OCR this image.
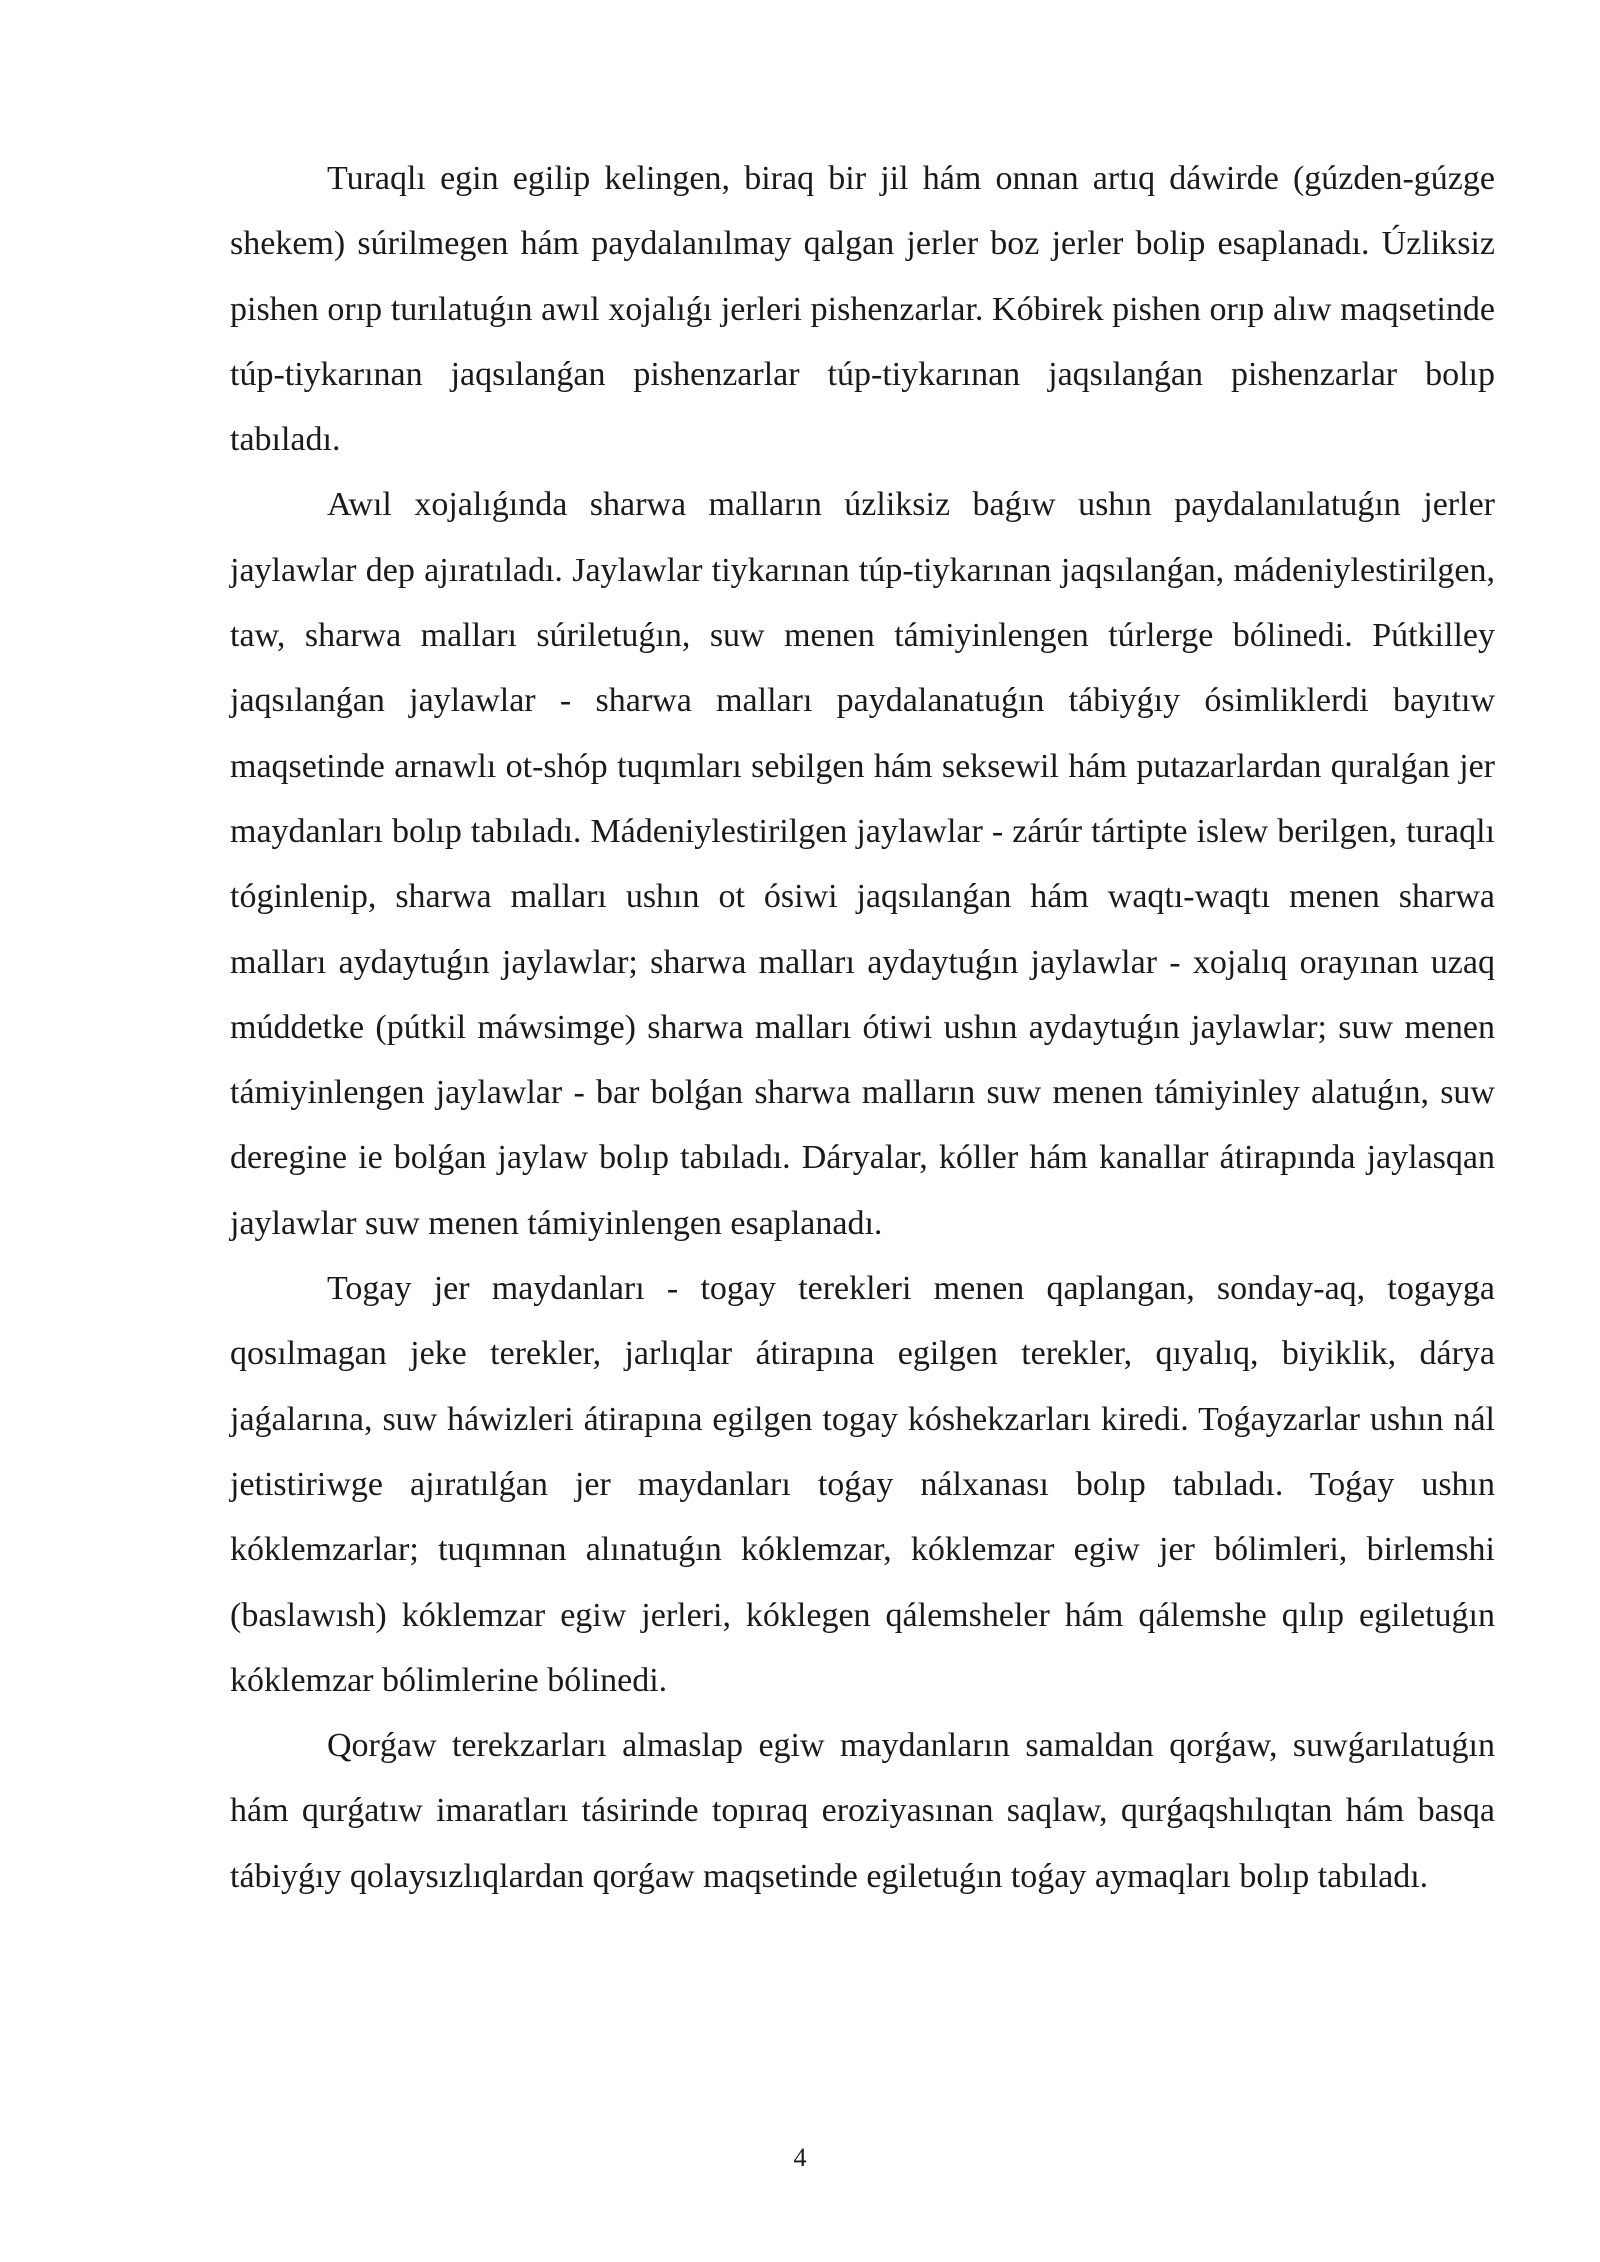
Turaqlı egin egilip kelingen, biraq bir jil hám onnan artıq dáwirde (gúzden-gúzge shekem) súrilmegen hám paydalanılmay qalgan jerler boz jerler bolip esaplanadı. Úzliksiz pishen orıp turılatuǵın awıl xojalıǵı jerleri pishenzarlar. Kóbirek pishen orıp alıw maqsetinde túp-tiykarınan jaqsılanǵan pishenzarlar túp-tiykarınan jaqsılanǵan pishenzarlar bolıp tabıladı.

Awıl xojalıǵında sharwa malların úzliksiz baǵıw ushın paydalanılatuǵın jerler jaylawlar dep ajıratıladı. Jaylawlar tiykarınan túp-tiykarınan jaqsılanǵan, mádeniylestirilgen, taw, sharwa malları súriletuǵın, suw menen támiyinlengen túrlerge bólinedi. Pútkilley jaqsılanǵan jaylawlar - sharwa malları paydalanatuǵın tábiyǵıy ósimliklerdi bayıtıw maqsetinde arnawlı ot-shóp tuqımları sebilgen hám seksewil hám putazarlardan quralǵan jer maydanları bolıp tabıladı. Mádeniylestirilgen jaylawlar - zárúr tártipte islew berilgen, turaqlı tóginlenip, sharwa malları ushın ot ósiwi jaqsılanǵan hám waqtı-waqtı menen sharwa malları aydaytuǵın jaylawlar; sharwa malları aydaytuǵın jaylawlar - xojalıq orayınan uzaq múddetke (pútkil máwsimge) sharwa malları ótiwi ushın aydaytuǵın jaylawlar; suw menen támiyinlengen jaylawlar - bar bolǵan sharwa malların suw menen támiyinley alatuǵın, suw deregine ie bolǵan jaylaw bolıp tabıladı. Dáryalar, kóller hám kanallar átirapında jaylasqan jaylawlar suw menen támiyinlengen esaplanadı.

Togay jer maydanları - togay terekleri menen qaplangan, sonday-aq, togayga qosılmagan jeke terekler, jarlıqlar átirapına egilgen terekler, qıyalıq, biyiklik, dárya jaǵalarına, suw háwizleri átirapına egilgen togay kóshekzarları kiredi. Toǵayzarlar ushın nál jetistiriwge ajıratılǵan jer maydanları toǵay nálxanası bolıp tabıladı. Toǵay ushın kóklemzarlar; tuqımnan alınatuǵın kóklemzar, kóklemzar egiw jer bólimleri, birlemshi (baslawısh) kóklemzar egiw jerleri, kóklegen qálemsheler hám qálemshe qılıp egiletuǵın kóklemzar bólimlerine bólinedi.

Qorǵaw terekzarları almaslap egiw maydanların samaldan qorǵaw, suwǵarılatuǵın hám qurǵatıw imaratları tásirinde topıraq eroziyasınan saqlaw, qurǵaqshılıqtan hám basqa tábiyǵıy qolaysızlıqlardan qorǵaw maqsetinde egiletuǵın toǵay aymaqları bolıp tabıladı.

4
